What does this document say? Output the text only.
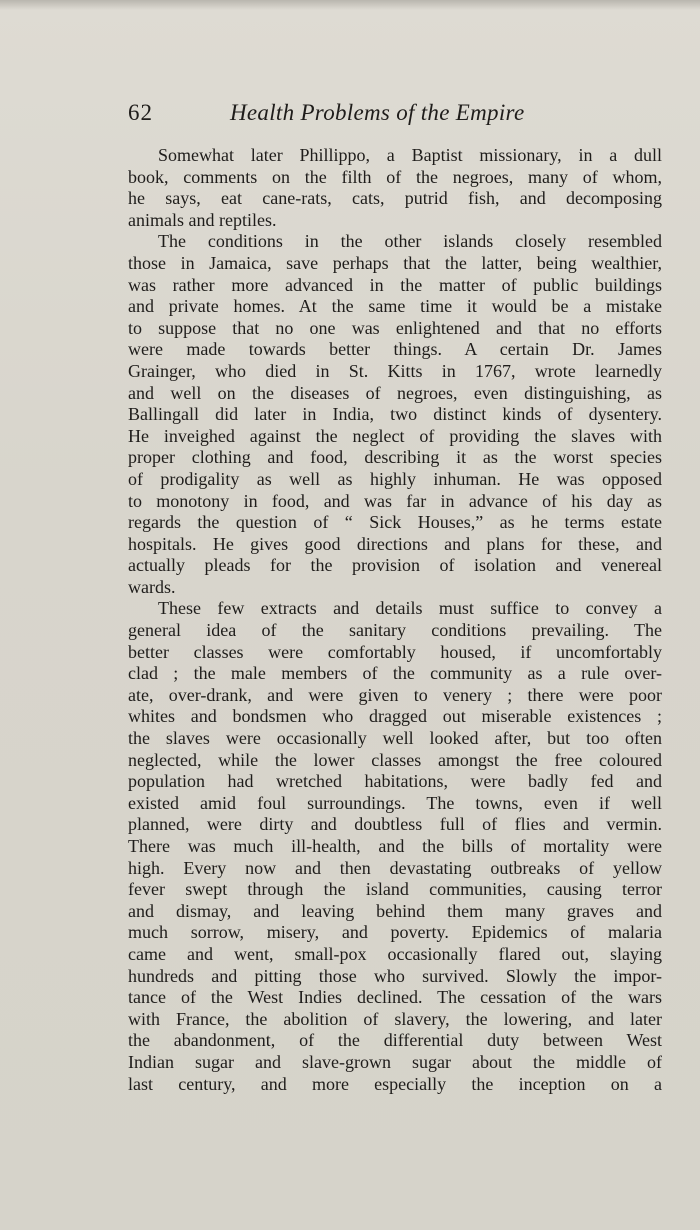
62	Health Problems of the Empire
Somewhat later Phillippo, a Baptist missionary, in a dull
book, comments on the filth of the negroes, many of whom,
he says, eat cane-rats, cats, putrid fish, and decomposing
animals and reptiles.
The conditions in the other islands closely resembled
those in Jamaica, save perhaps that the latter, being wealthier,
was rather more advanced in the matter of public buildings
and private homes. At the same time it would be a mistake
to suppose that no one was enlightened and that no efforts
were made towards better things. A certain Dr. James
Grainger, who died in St. Kitts in 1767, wrote learnedly
and well on the diseases of negroes, even distinguishing, as
Ballingall did later in India, two distinct kinds of dysentery.
He inveighed against the neglect of providing the slaves with
proper clothing and food, describing it as the worst species
of prodigality as well as highly inhuman. He was opposed
to monotony in food, and was far in advance of his day as
regards the question of “ Sick Houses,” as he terms estate
hospitals. He gives good directions and plans for these, and
actually pleads for the provision of isolation and venereal
wards.
These few extracts and details must suffice to convey a
general idea of the sanitary conditions prevailing. The
better classes were comfortably housed, if uncomfortably
clad ; the male members of the community as a rule over-
ate, over-drank, and were given to venery ; there were poor
whites and bondsmen who dragged out miserable existences ;
the slaves were occasionally well looked after, but too often
neglected, while the lower classes amongst the free coloured
population had wretched habitations, were badly fed and
existed amid foul surroundings. The towns, even if well
planned, were dirty and doubtless full of flies and vermin.
There was much ill-health, and the bills of mortality were
high. Every now and then devastating outbreaks of yellow
fever swept through the island communities, causing terror
and dismay, and leaving behind them many graves and
much sorrow, misery, and poverty. Epidemics of malaria
came and went, small-pox occasionally flared out, slaying
hundreds and pitting those who survived. Slowly the impor-
tance of the West Indies declined. The cessation of the wars
with France, the abolition of slavery, the lowering, and later
the abandonment, of the differential duty between West
Indian sugar and slave-grown sugar about the middle of
last century, and more especially the inception on a
